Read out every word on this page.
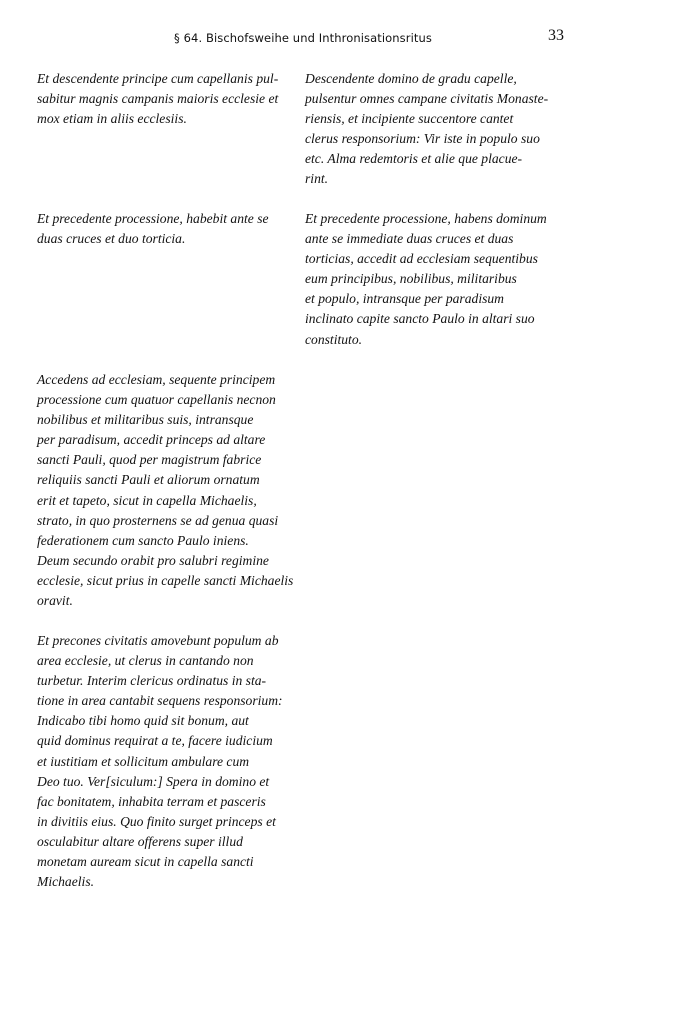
§ 64. Bischofsweihe und Inthronisationsritus	33
Et descendente principe cum capellanis pul-
sabitur magnis campanis maioris ecclesie et
mox etiam in aliis ecclesiis.
Et precedente processione, habebit ante se
duas cruces et duo torticia.
Accedens ad ecclesiam, sequente principem
processione cum quatuor capellanis necnon
nobilibus et militaribus suis, intransque
per paradisum, accedit princeps ad altare
sancti Pauli, quod per magistrum fabrice
reliquiis sancti Pauli et aliorum ornatum
erit et tapeto, sicut in capella Michaelis,
strato, in quo prosternens se ad genua quasi
federationem cum sancto Paulo iniens.
Deum secundo orabit pro salubri regimine
ecclesie, sicut prius in capelle sancti Michaelis
oravit.
Et precones civitatis amovebunt populum ab
area ecclesie, ut clerus in cantando non
turbetur. Interim clericus ordinatus in sta-
tione in area cantabit sequens responsorium:
Indicabo tibi homo quid sit bonum, aut
quid dominus requirat a te, facere iudicium
et iustitiam et sollicitum ambulare cum
Deo tuo. Ver[siculum:] Spera in domino et
fac bonitatem, inhabita terram et pasceris
in divitiis eius. Quo finito surget princeps et
osculabitur altare offerens super illud
monetam auream sicut in capella sancti
Michaelis.
Descendente domino de gradu capelle,
pulsentur omnes campane civitatis Monaste-
riensis, et incipiente succentore cantet
clerus responsorium: Vir iste in populo suo
etc. Alma redemtoris et alie que placue-
rint.
Et precedente processione, habens dominum
ante se immediate duas cruces et duas
torticias, accedit ad ecclesiam sequentibus
eum principibus, nobilibus, militaribus
et populo, intransque per paradisum
inclinato capite sancto Paulo in altari suo
constituto.
